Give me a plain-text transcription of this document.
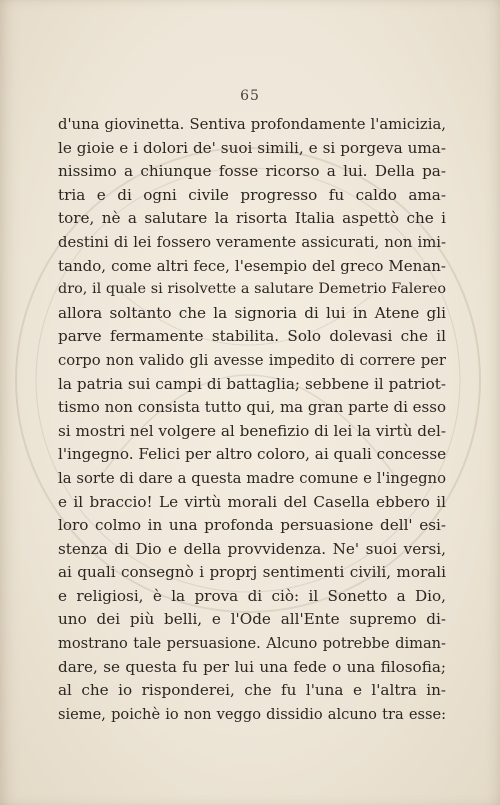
65
d'una giovinetta. Sentiva profondamente l'amicizia,
le gioie e i dolori de' suoi simili, e si porgeva uma-
nissimo a chiunque fosse ricorso a lui. Della pa-
tria e di ogni civile progresso fu caldo ama-
tore, nè a salutare la risorta Italia aspettò che i
destini di lei fossero veramente assicurati, non imi-
tando, come altri fece, l'esempio del greco Menan-
dro, il quale si risolvette a salutare Demetrio Falereo
allora soltanto che la signoria di lui in Atene gli
parve fermamente stabilita. Solo dolevasi che il
corpo non valido gli avesse impedito di correre per
la patria sui campi di battaglia; sebbene il patriot-
tismo non consista tutto qui, ma gran parte di esso
si mostri nel volgere al benefizio di lei la virtù del-
l'ingegno. Felici per altro coloro, ai quali concesse
la sorte di dare a questa madre comune e l'ingegno
e il braccio! Le virtù morali del Casella ebbero il
loro colmo in una profonda persuasione dell' esi-
stenza di Dio e della provvidenza. Ne' suoi versi,
ai quali consegnò i proprj sentimenti civili, morali
e religiosi, è la prova di ciò: il Sonetto a Dio,
uno dei più belli, e l'Ode all'Ente supremo di-
mostrano tale persuasione. Alcuno potrebbe diman-
dare, se questa fu per lui una fede o una filosofia;
al che io risponderei, che fu l'una e l'altra in-
sieme, poichè io non veggo dissidio alcuno tra esse:
